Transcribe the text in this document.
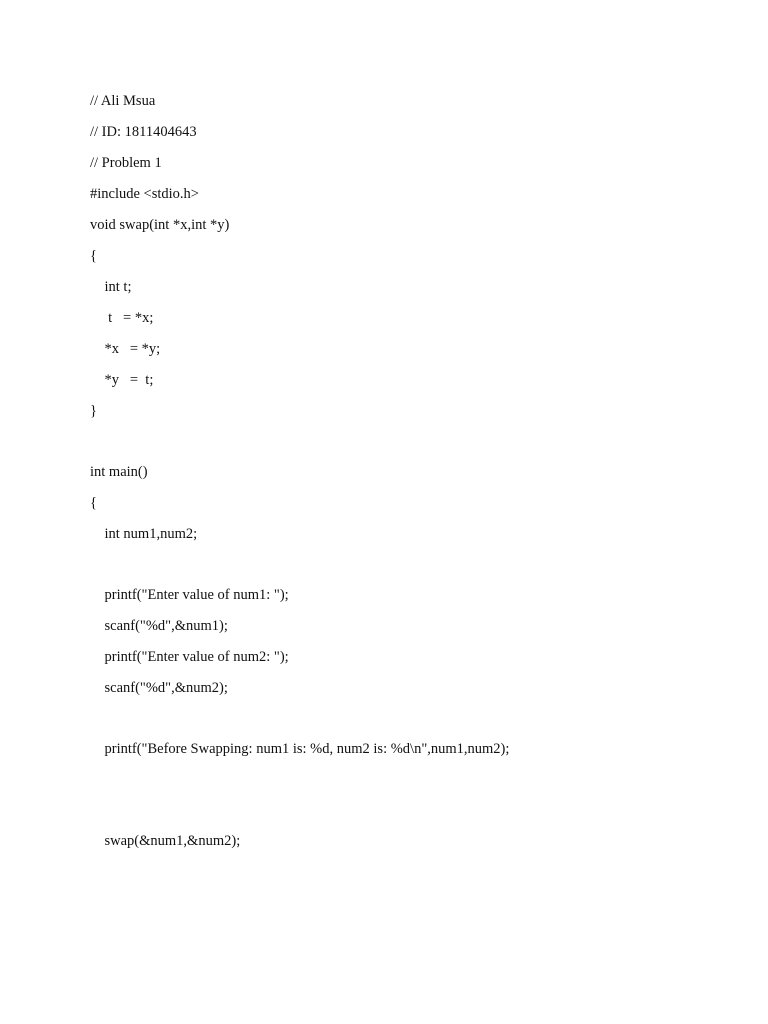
// Ali Msua
// ID: 1811404643
// Problem 1
#include <stdio.h>
void swap(int *x,int *y)
{
int t;
t   = *x;
*x   = *y;
*y   =  t;
}
int main()
{
int num1,num2;
printf("Enter value of num1: ");
scanf("%d",&num1);
printf("Enter value of num2: ");
scanf("%d",&num2);
printf("Before Swapping: num1 is: %d, num2 is: %d\n",num1,num2);
swap(&num1,&num2);
